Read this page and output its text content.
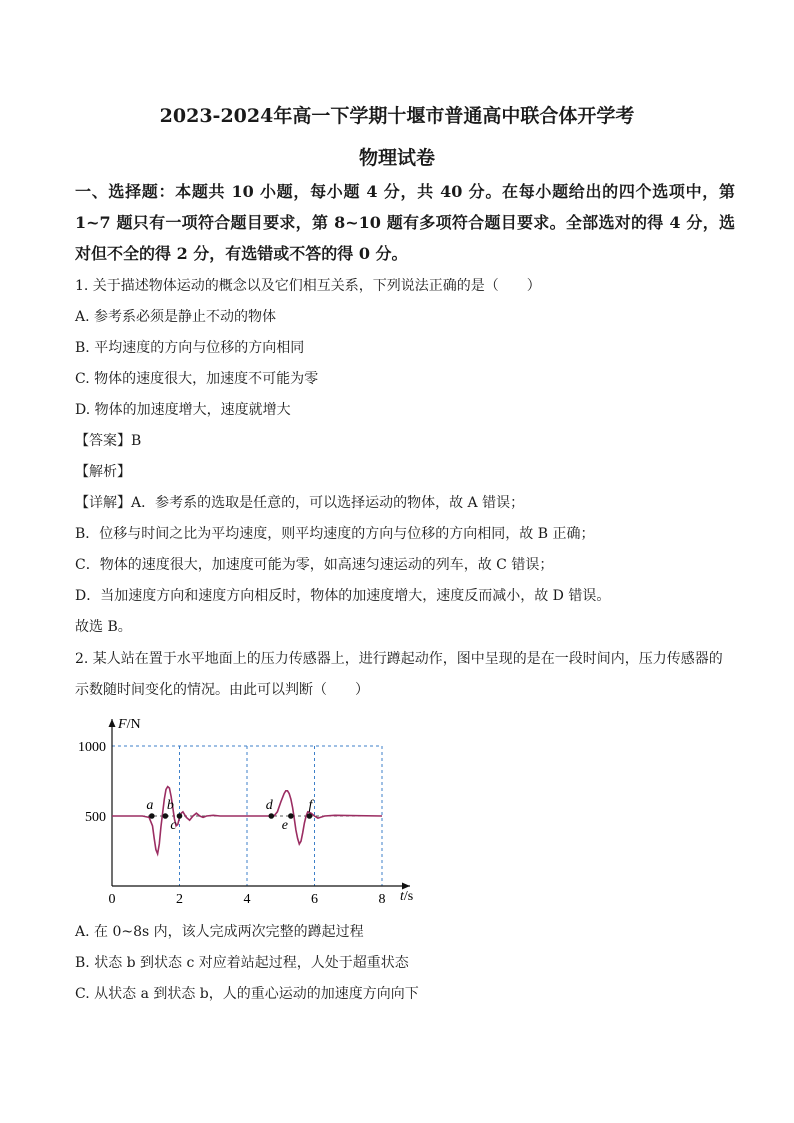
2023-2024年高一下学期十堰市普通高中联合体开学考
物理试卷
一、选择题：本题共 10 小题，每小题 4 分，共 40 分。在每小题给出的四个选项中，第 1~7 题只有一项符合题目要求，第 8~10 题有多项符合题目要求。全部选对的得 4 分，选对但不全的得 2 分，有选错或不答的得 0 分。
1. 关于描述物体运动的概念以及它们相互关系，下列说法正确的是（　　）
A. 参考系必须是静止不动的物体
B. 平均速度的方向与位移的方向相同
C. 物体的速度很大，加速度不可能为零
D. 物体的加速度增大，速度就增大
【答案】B
【解析】
【详解】A．参考系的选取是任意的，可以选择运动的物体，故 A 错误；
B．位移与时间之比为平均速度，则平均速度的方向与位移的方向相同，故 B 正确；
C．物体的速度很大，加速度可能为零，如高速匀速运动的列车，故 C 错误；
D．当加速度方向和速度方向相反时，物体的加速度增大，速度反而减小，故 D 错误。
故选 B。
2. 某人站在置于水平地面上的压力传感器上，进行蹲起动作，图中呈现的是在一段时间内，压力传感器的
示数随时间变化的情况。由此可以判断（　　）
0	2	4	6	8
500
1000
a b
c
d
e
f
F/N
t/s
A. 在 0~8s 内，该人完成两次完整的蹲起过程
B. 状态 b 到状态 c 对应着站起过程，人处于超重状态
C. 从状态 a 到状态 b，人的重心运动的加速度方向向下
